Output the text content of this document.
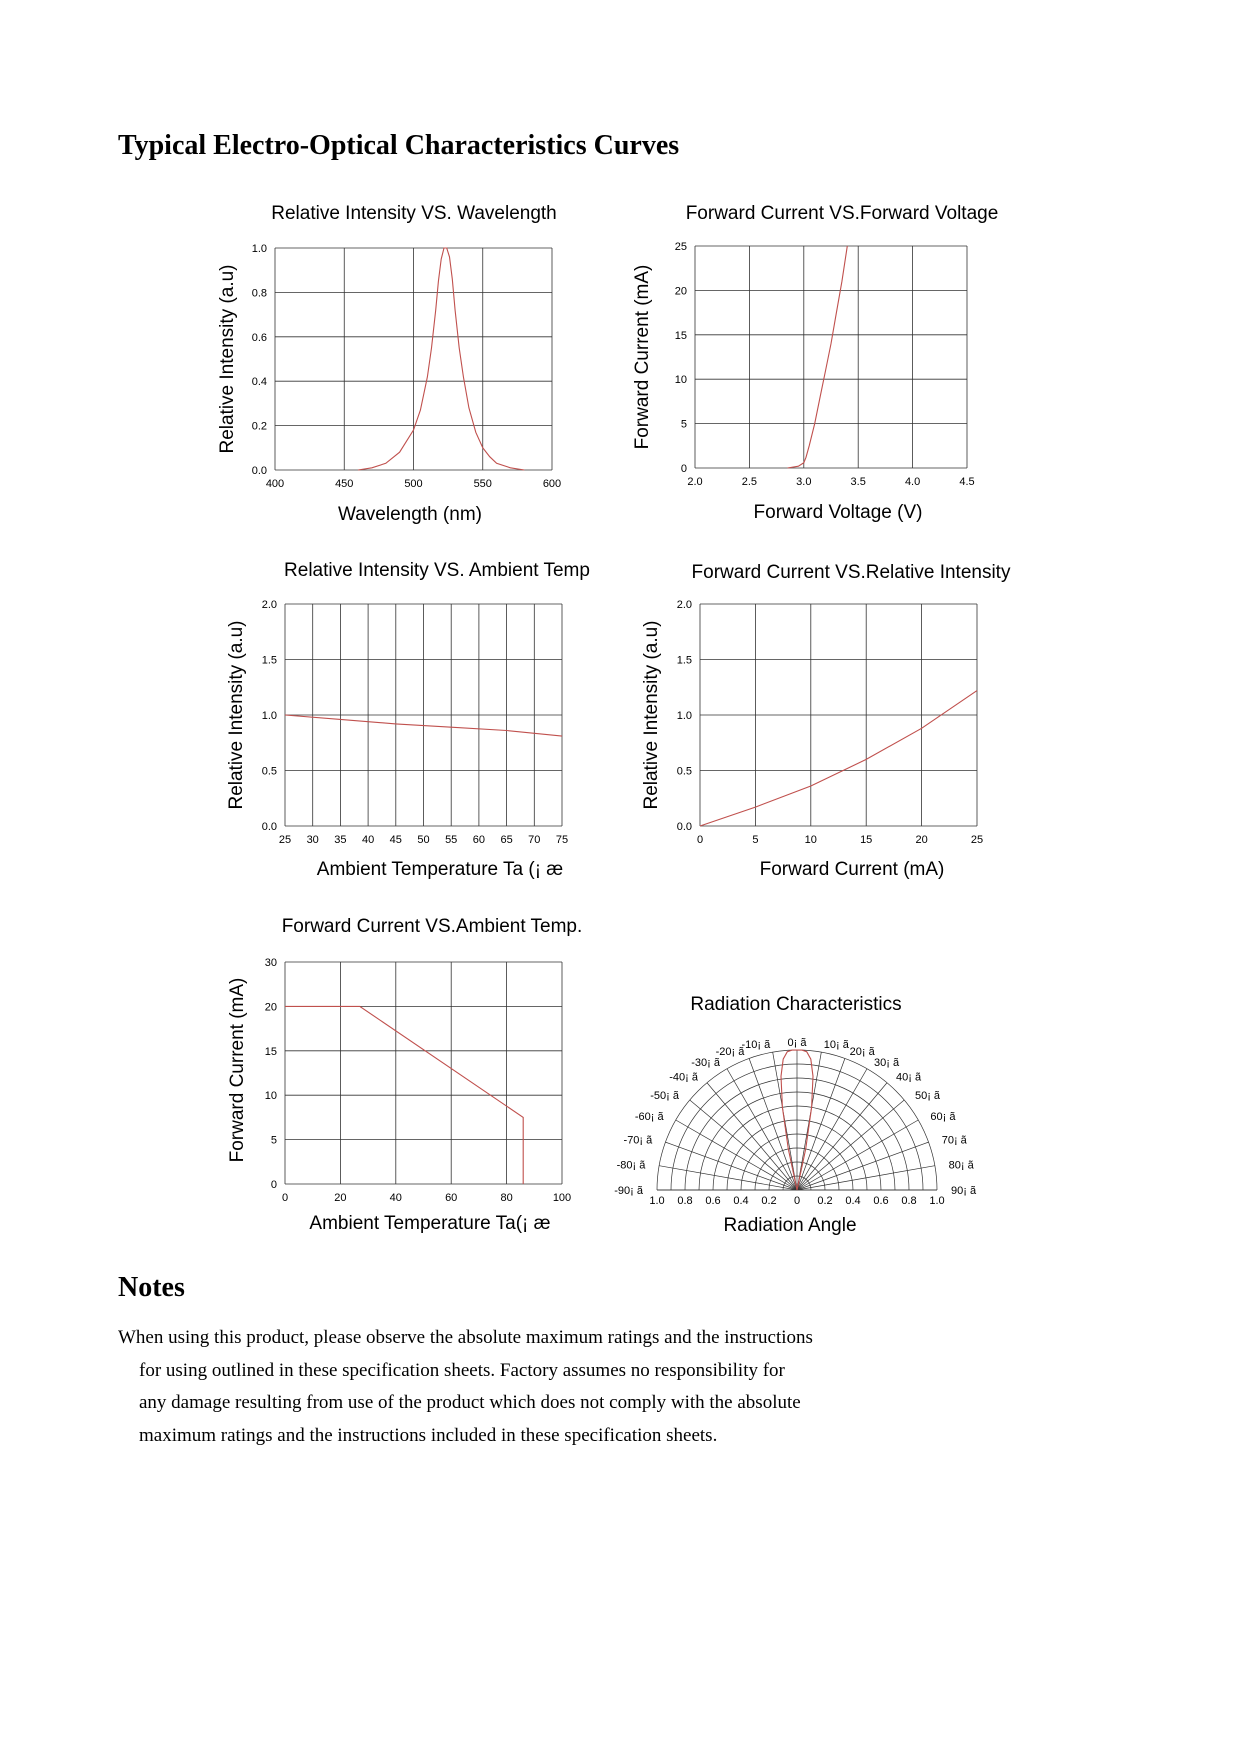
Typical Electro-Optical Characteristics Curves
400	450	500	550	600
0.0
0.2
0.4
0.6
0.8
1.0
Relative Intensity VS. Wavelength
Wavelength (nm)
Relative Intensity (a.u)
2.0	2.5	3.0	3.5	4.0	4.5
0
5
10
15
20
25
Forward Current VS.Forward Voltage
Forward Voltage (V)
Forward Current (mA)
25 30 35 40 45 50 55 60 65 70 75
0.0
0.5
1.0
1.5
2.0
Relative Intensity VS. Ambient Temp
Ambient Temperature Ta (¡ æ
Relative Intensity (a.u)
0	5	10	15	20	25
0.0
0.5
1.0
1.5
2.0
Forward Current VS.Relative Intensity
Forward Current (mA)
Relative Intensity (a.u)
0	20	40	60	80	100
0
5
10
15
20
30
Forward Current VS.Ambient Temp.
Ambient Temperature Ta(¡ æ
Forward Current (mA)	Radiation Characteristics
-90¡ ã
-80¡ ã
-70¡ ã
-60¡ ã
-50¡ ã
-40¡ ã
-30¡ ã
-20¡ ã
-10¡ ã 0¡ ã 10¡ ã
20¡ ã
30¡ ã
40¡ ã
50¡ ã
60¡ ã
70¡ ã
80¡ ã
90¡ ã
1.0 0.8 0.6 0.4 0.2 0 0.2 0.4 0.6 0.8 1.0
Radiation Angle
Notes
When using this product, please observe the absolute maximum ratings and the instructions
for using outlined in these specification sheets. Factory assumes no responsibility for
any damage resulting from use of the product which does not comply with the absolute
maximum ratings and the instructions included in these specification sheets.
